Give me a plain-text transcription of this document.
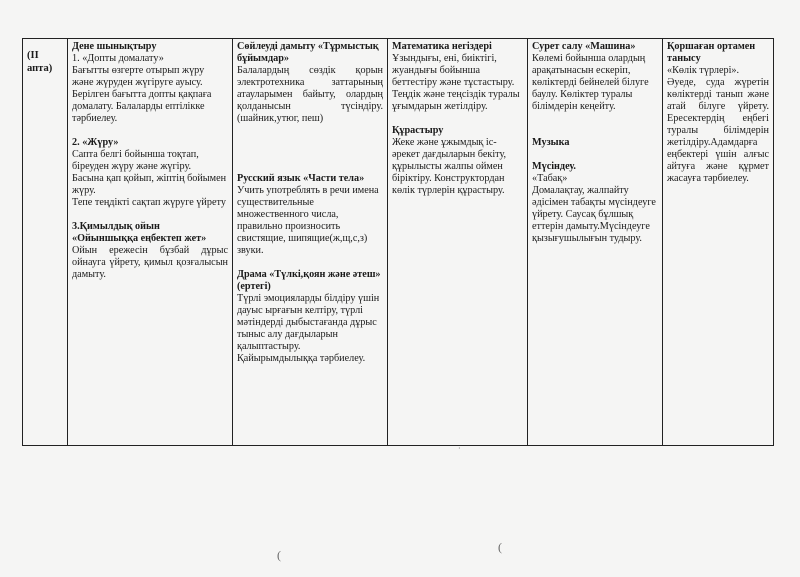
(II апта)

Дене шынықтыру

1. «Допты домалату»

Бағытты өзгерте отырып жүру және жүруден жүгіруге ауысу. Берілген бағытта допты қақпаға домалату. Балаларды ептілікке тәрбиелеу.

2. «Жүру»

Сапта белгі бойынша тоқтап, біреуден жүру және жүгіру.

Басына қап қойып, жіптің бойымен жүру.

Тепе теңдікті сақтап жүруге үйрету

3.Қимылдық ойын «Ойыншыққа еңбектеп жет»

Ойын ережесін бұзбай дұрыс ойнауга үйрету, қимыл қозғалысын дамыту.

Сөйлеуді дамыту «Тұрмыстық бұйымдар»

Балалардың сөздік қорын электротехника заттарының атауларымен байыту, олардың қолданысын түсіндіру. (шайник,утюг, пеш)

Русский язык «Части тела»

Учить употреблять в речи имена существительные множественного числа, правильно произносить свистящие, шипящие(ж,щ,с,з) звуки.

Драма «Түлкі,қоян және әтеш» (ертегі)

Түрлі эмоцияларды білдіру үшін дауыс ырғағын келтіру, түрлі мәтіндерді дыбыстағанда дұрыс тыныс алу дағдыларын қалыптастыру.

Қайырымдылыққа тәрбиелеу.

Математика негіздері

Ұзындығы, ені, биіктігі, жуандығы бойынша беттестіру және тұстастыру. Теңдік және теңсіздік туралы ұғымдарын жетілдіру.

Құрастыру

Жеке және ұжымдық іс-әрекет дағдыларын бекіту, құрылысты жалпы оймен біріктіру. Конструктордан көлік түрлерін құрастыру.

Сурет салу «Машина»

Көлемі бойынша олардың арақатынасын ескеріп, көліктерді бейнелей білуге баулу. Көліктер туралы білімдерін кеңейту.

Музыка

Мүсіндеу.

«Табақ»

Домалақтау, жалпайту әдісімен табақты мүсіндеуге үйрету. Саусақ бұлшық еттерін дамыту.Мүсіндеуге қызығушылығын тудыру.

Қоршаған ортамен таныcу

«Көлік түрлері».

Әуеде, суда жүретін көліктерді танып және атай білуге үйрету. Ересектердің еңбегі туралы білімдерін жетілдіру.Адамдарға еңбектері үшін алғыс айтуға және құрмет жасауға тәрбиелеу.

(
(
·
